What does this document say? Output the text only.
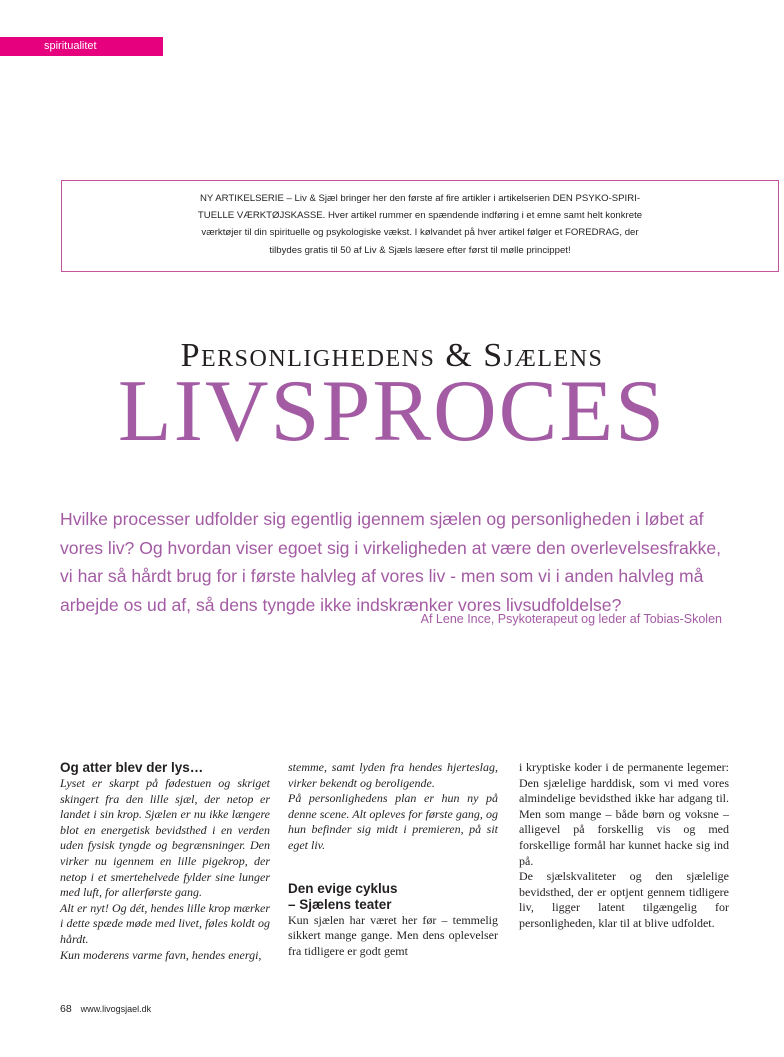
spiritualitet

NY ARTIKELSERIE – Liv & Sjæl bringer her den første af fire artikler i artikelserien DEN PSYKO-SPIRI-

TUELLE VÆRKTØJSKASSE. Hver artikel rummer en spændende indføring i et emne samt helt konkrete

værktøjer til din spirituelle og psykologiske vækst. I kølvandet på hver artikel følger et FOREDRAG, der

tilbydes gratis til 50 af Liv & Sjæls læsere efter først til mølle princippet!

Personlighedens & Sjælens
LIVSPROCES
Hvilke processer udfolder sig egentlig igennem sjælen og personligheden i løbet af
vores liv? Og hvordan viser egoet sig i virkeligheden at være den overlevelsesfrakke,
vi har så hårdt brug for i første halvleg af vores liv - men som vi i anden halvleg må
arbejde os ud af, så dens tyngde ikke indskrænker vores livsudfoldelse?
Af Lene Ince, Psykoterapeut og leder af Tobias-Skolen
Og atter blev der lys…

Lyset er skarpt på fødestuen og skriget skingert fra den lille sjæl, der netop er landet i sin krop. Sjælen er nu ikke længere blot en energetisk bevidsthed i en verden uden fysisk tyngde og begrænsninger. Den virker nu igennem en lille pigekrop, der netop i et smertehelvede fylder sine lunger med luft, for allerførste gang.

Alt er nyt! Og dét, hendes lille krop mærker i dette spæde møde med livet, føles koldt og hårdt.

Kun moderens varme favn, hendes energi,

stemme, samt lyden fra hendes hjerteslag, virker bekendt og beroligende.

På personlighedens plan er hun ny på denne scene. Alt opleves for første gang, og hun befinder sig midt i premieren, på sit eget liv.

Den evige cyklus
– Sjælens teater

Kun sjælen har været her før – temmelig sikkert mange gange. Men dens oplevelser fra tidligere er godt gemt

i kryptiske koder i de permanente legemer: Den sjælelige harddisk, som vi med vores almindelige bevidsthed ikke har adgang til. Men som mange – både børn og voksne – alligevel på forskellig vis og med forskellige formål har kunnet hacke sig ind på.

De sjælskvaliteter og den sjælelige bevidsthed, der er optjent gennem tidligere liv, ligger latent tilgængelig for personligheden, klar til at blive udfoldet.

68 www.livogsjael.dk
